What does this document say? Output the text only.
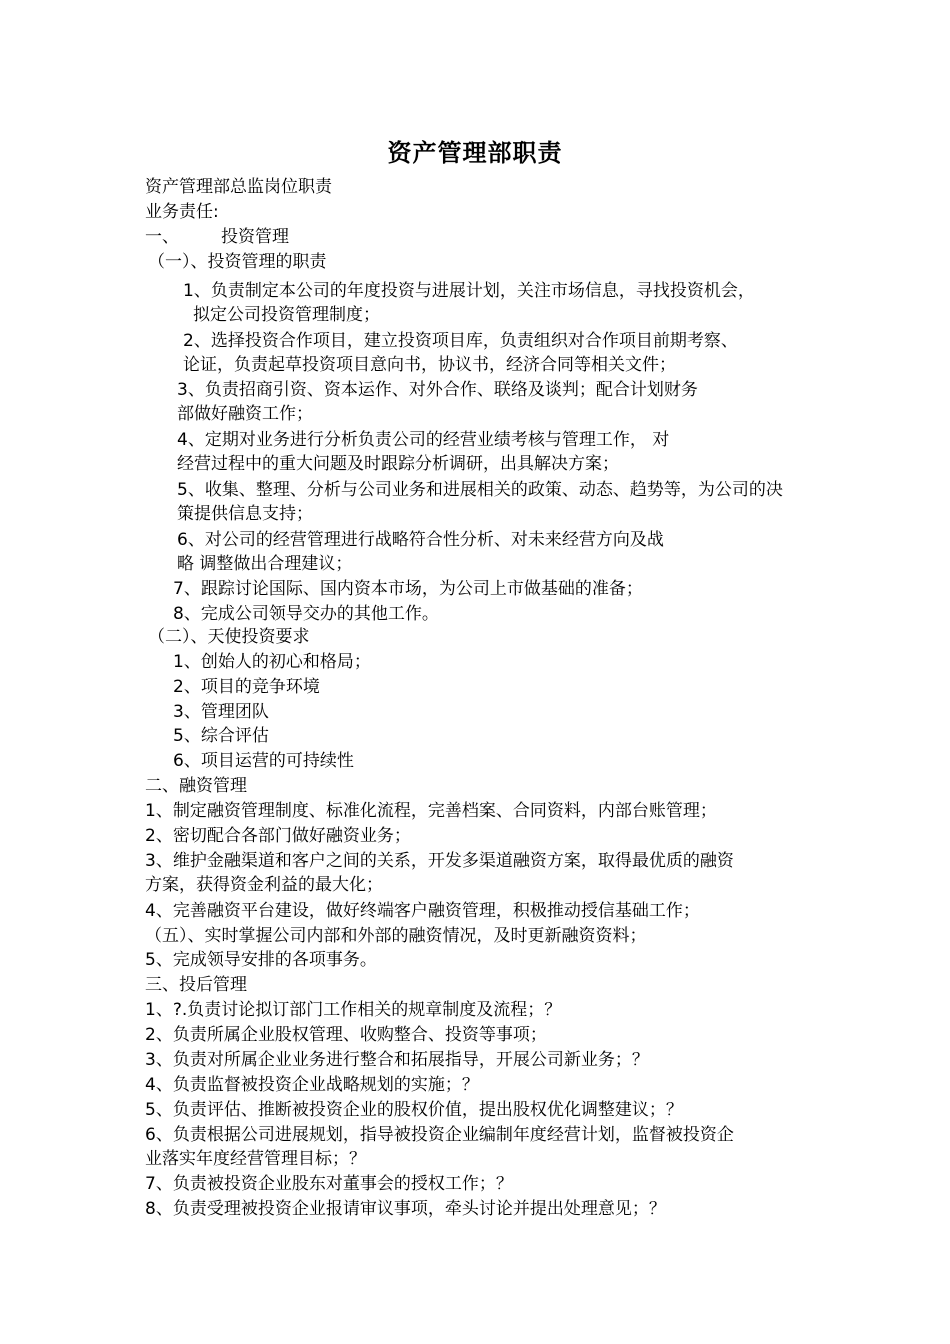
资产管理部职责
资产管理部总监岗位职责
业务责任:
一、 投资管理
（一）、投资管理的职责
1、负责制定本公司的年度投资与进展计划，关注市场信息，寻找投资机会，
拟定公司投资管理制度；
2、选择投资合作项目，建立投资项目库，负责组织对合作项目前期考察、
论证，负责起草投资项目意向书，协议书，经济合同等相关文件；
3、负责招商引资、资本运作、对外合作、联络及谈判；配合计划财务
部做好融资工作；
4、定期对业务进行分析负责公司的经营业绩考核与管理工作， 对
经营过程中的重大问题及时跟踪分析调研，出具解决方案；
5、收集、整理、分析与公司业务和进展相关的政策、动态、趋势等，为公司的决
策提供信息支持；
6、对公司的经营管理进行战略符合性分析、对未来经营方向及战
略 调整做出合理建议；
7、跟踪讨论国际、国内资本市场，为公司上市做基础的准备；
8、完成公司领导交办的其他工作。
（二）、天使投资要求
1、创始人的初心和格局；
2、项目的竞争环境
3、管理团队
5、综合评估
6、项目运营的可持续性
二、融资管理
1、制定融资管理制度、标准化流程，完善档案、合同资料，内部台账管理；
2、密切配合各部门做好融资业务；
3、维护金融渠道和客户之间的关系，开发多渠道融资方案，取得最优质的融资
方案，获得资金利益的最大化；
4、完善融资平台建设，做好终端客户融资管理，积极推动授信基础工作；
（五）、实时掌握公司内部和外部的融资情况，及时更新融资资料；
5、完成领导安排的各项事务。
三、投后管理
1、?.负责讨论拟订部门工作相关的规章制度及流程；？
2、负责所属企业股权管理、收购整合、投资等事项；
3、负责对所属企业业务进行整合和拓展指导，开展公司新业务；？
4、负责监督被投资企业战略规划的实施；？
5、负责评估、推断被投资企业的股权价值，提出股权优化调整建议；？
6、负责根据公司进展规划，指导被投资企业编制年度经营计划，监督被投资企
业落实年度经营管理目标；？
7、负责被投资企业股东对董事会的授权工作；？
8、负责受理被投资企业报请审议事项，牵头讨论并提出处理意见；？
